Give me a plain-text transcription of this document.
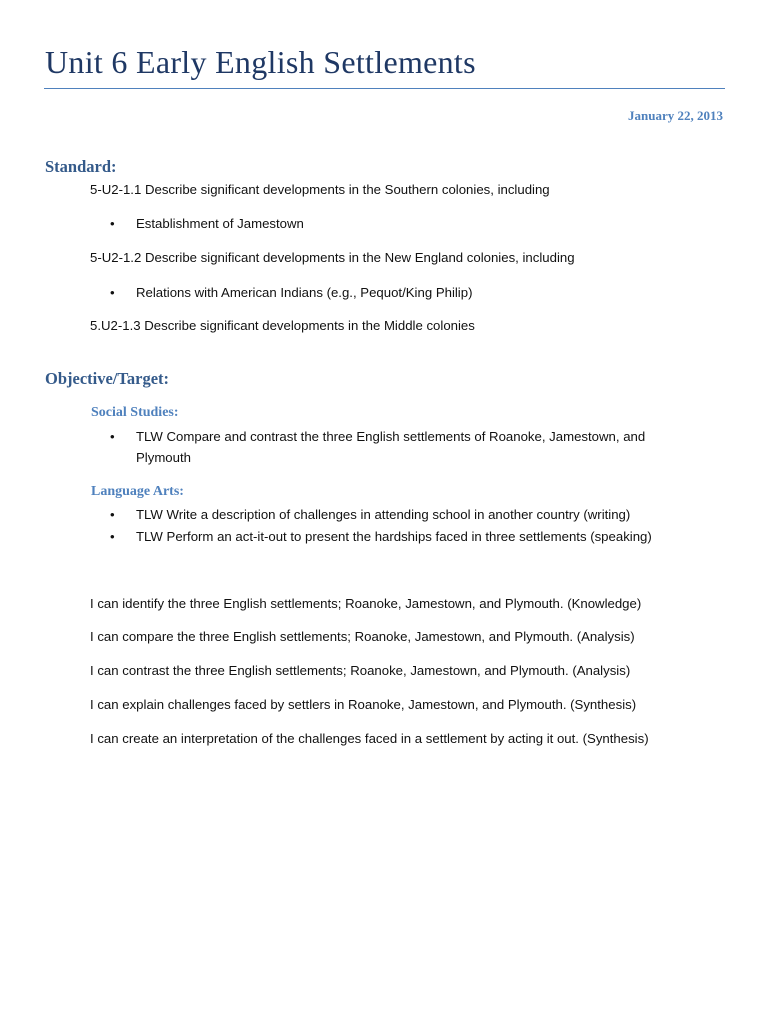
Unit 6 Early English Settlements
January 22, 2013
Standard:
5-U2-1.1 Describe significant developments in the Southern colonies, including
•	Establishment of Jamestown
5-U2-1.2 Describe significant developments in the New England colonies, including
•	Relations with American Indians (e.g., Pequot/King Philip)
5.U2-1.3 Describe significant developments in the Middle colonies
Objective/Target:
Social Studies:
•	TLW Compare and contrast the three English settlements of Roanoke, Jamestown, and Plymouth
Language Arts:
•	TLW Write a description of challenges in attending school in another country (writing)
•	TLW Perform an act-it-out to present the hardships faced in three settlements (speaking)
I can identify the three English settlements; Roanoke, Jamestown, and Plymouth. (Knowledge)
I can compare the three English settlements; Roanoke, Jamestown, and Plymouth. (Analysis)
I can contrast the three English settlements; Roanoke, Jamestown, and Plymouth. (Analysis)
I can explain challenges faced by settlers in Roanoke, Jamestown, and Plymouth. (Synthesis)
I can create an interpretation of the challenges faced in a settlement by acting it out. (Synthesis)
